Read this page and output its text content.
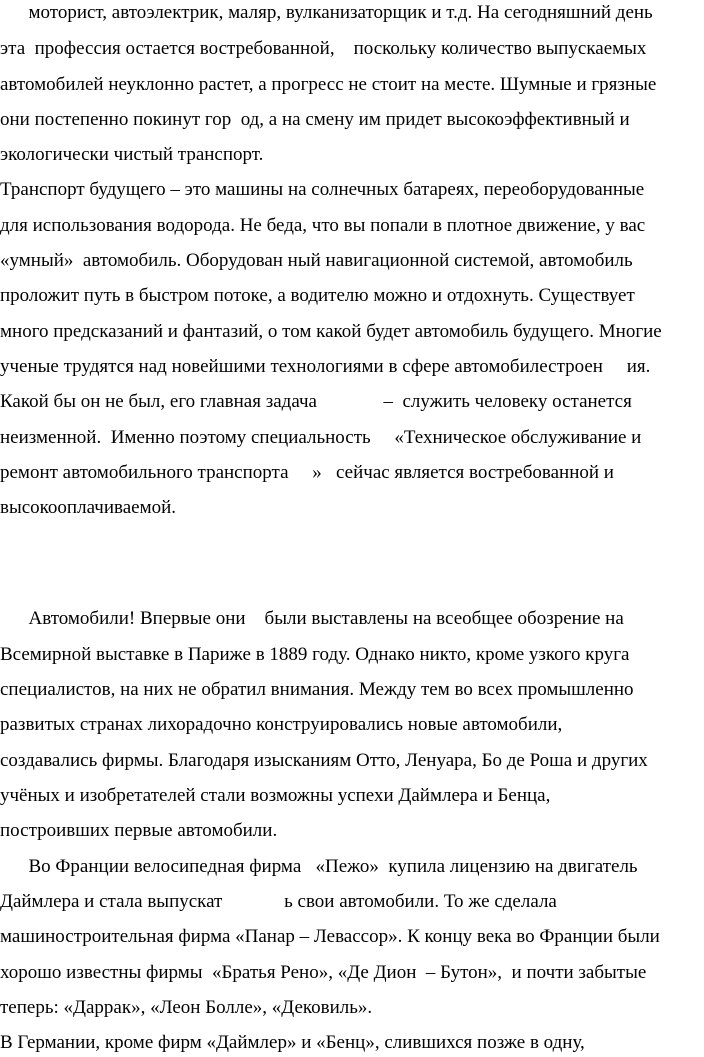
моторист, автоэлектрик, маляр, вулканизаторщик и т.д. На сегодняшний день
эта  профессия остается востребованной,    поскольку количество выпускаемых
автомобилей неуклонно растет, а прогресс не стоит на месте. Шумные и грязные
они постепенно покинут гор  од, а на смену им придет высокоэффективный и
экологически чистый транспорт.
Транспорт будущего – это машины на солнечных батареях, переоборудованные
для использования водорода. Не беда, что вы попали в плотное движение, у вас
«умный»  автомобиль. Оборудован ный навигационной системой, автомобиль
проложит путь в быстром потоке, а водителю можно и отдохнуть. Существует
много предсказаний и фантазий, о том какой будет автомобиль будущего. Многие
ученые трудятся над новейшими технологиями в сфере автомобилестроен     ия.
Какой бы он не был, его главная задача              –  служить человеку останется
неизменной.  Именно поэтому специальность     «Техническое обслуживание и
ремонт автомобильного транспорта     »   сейчас является востребованной и
высокооплачиваемой.
Автомобили! Впервые они    были выставлены на всеобщее обозрение на
Всемирной выставке в Париже в 1889 году. Однако никто, кроме узкого круга
специалистов, на них не обратил внимания. Между тем во всех промышленно
развитых странах лихорадочно конструировались новые автомобили,
создавались фирмы. Благодаря изысканиям Отто, Ленуара, Бо де Роша и других
учёных и изобретателей стали возможны успехи Даймлера и Бенца,
построивших первые автомобили.
Во Франции велосипедная фирма   «Пежо»  купила лицензию на двигатель
Даймлера и стала выпускат             ь свои автомобили. То же сделала
машиностроительная фирма «Панар – Левассор». К концу века во Франции были
хорошо известны фирмы  «Братья Рено», «Де Дион  – Бутон»,  и почти забытые
теперь: «Даррак», «Леон Болле», «Дековиль».
В Германии, кроме фирм «Даймлер» и «Бенц», слившихся позже в одну,
